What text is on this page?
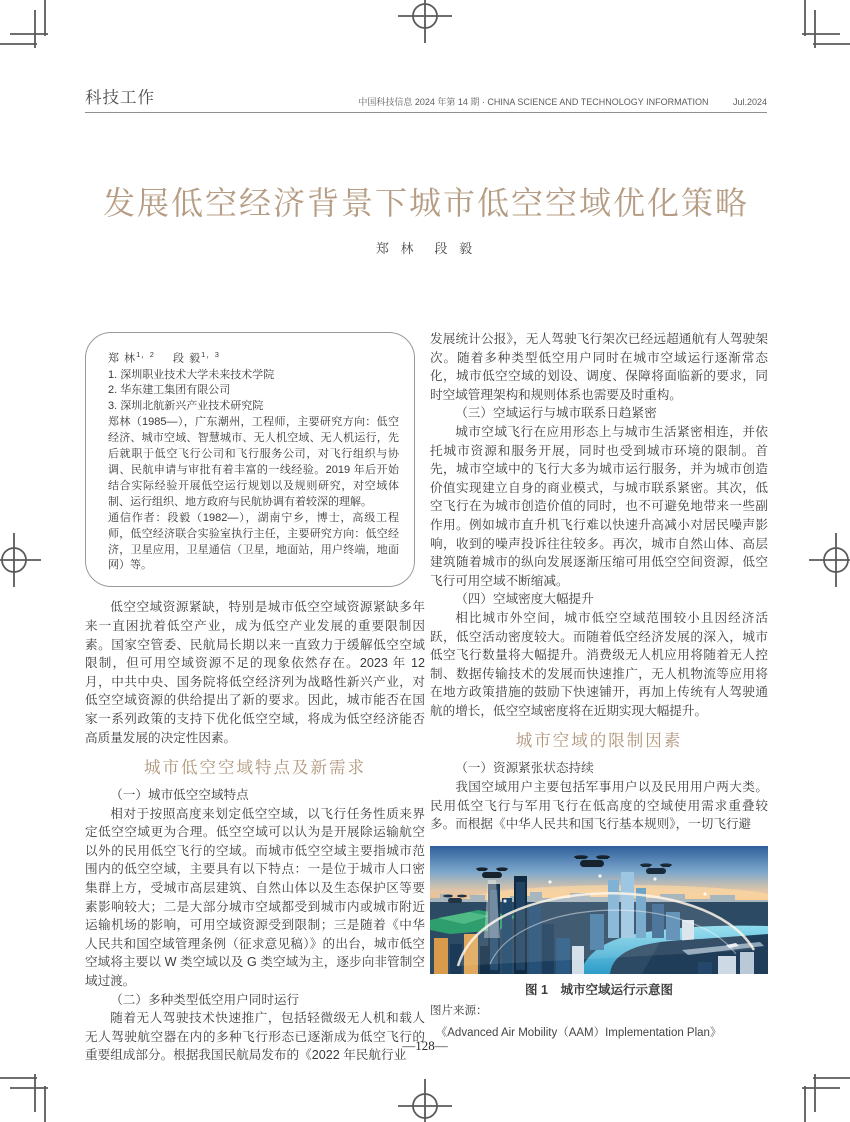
科技工作	中国科技信息 2024 年第 14 期 · CHINA SCIENCE AND TECHNOLOGY INFORMATION	Jul.2024
发展低空经济背景下城市低空空域优化策略
郑 林　段 毅
郑 林$^{1,2}$ 段 毅$^{1,3}$

1. 深圳职业技术大学未来技术学院

2. 华东建工集团有限公司

3. 深圳北航新兴产业技术研究院

郑林（1985—），广东潮州，工程师，主要研究方向：低空经济、城市空域、智慧城市、无人机空域、无人机运行，先后就职于低空飞行公司和飞行服务公司，对飞行组织与协调、民航申请与审批有着丰富的一线经验。2019 年后开始结合实际经验开展低空运行规划以及规则研究，对空域体制、运行组织、地方政府与民航协调有着较深的理解。

通信作者：段毅（1982—），湖南宁乡，博士，高级工程师，低空经济联合实验室执行主任，主要研究方向：低空经济，卫星应用，卫星通信（卫星，地面站，用户终端，地面网）等。

低空空域资源紧缺，特别是城市低空空域资源紧缺多年来一直困扰着低空产业，成为低空产业发展的重要限制因素。国家空管委、民航局长期以来一直致力于缓解低空空域限制，但可用空域资源不足的现象依然存在。2023 年 12 月，中共中央、国务院将低空经济列为战略性新兴产业，对低空空域资源的供给提出了新的要求。因此，城市能否在国家一系列政策的支持下优化低空空域，将成为低空经济能否高质量发展的决定性因素。

城市低空空域特点及新需求

（一）城市低空空域特点

相对于按照高度来划定低空空域，以飞行任务性质来界定低空空域更为合理。低空空域可以认为是开展除运输航空以外的民用低空飞行的空域。而城市低空空域主要指城市范围内的低空空域，主要具有以下特点：一是位于城市人口密集群上方，受城市高层建筑、自然山体以及生态保护区等要素影响较大；二是大部分城市空域都受到城市内或城市附近运输机场的影响，可用空域资源受到限制；三是随着《中华人民共和国空域管理条例（征求意见稿）》的出台，城市低空空域将主要以 W 类空域以及 G 类空域为主，逐步向非管制空域过渡。

（二）多种类型低空用户同时运行

随着无人驾驶技术快速推广，包括轻微级无人机和载人无人驾驶航空器在内的多种飞行形态已逐渐成为低空飞行的重要组成部分。根据我国民航局发布的《2022 年民航行业

发展统计公报》，无人驾驶飞行架次已经远超通航有人驾驶架次。随着多种类型低空用户同时在城市空域运行逐渐常态化，城市低空空域的划设、调度、保障将面临新的要求，同时空域管理架构和规则体系也需要及时重构。

（三）空域运行与城市联系日趋紧密

城市空域飞行在应用形态上与城市生活紧密相连，并依托城市资源和服务开展，同时也受到城市环境的限制。首先，城市空域中的飞行大多为城市运行服务，并为城市创造价值实现建立自身的商业模式，与城市联系紧密。其次，低空飞行在为城市创造价值的同时，也不可避免地带来一些副作用。例如城市直升机飞行难以快速升高减小对居民噪声影响，收到的噪声投诉往往较多。再次，城市自然山体、高层建筑随着城市的纵向发展逐渐压缩可用低空空间资源，低空飞行可用空域不断缩减。

（四）空域密度大幅提升

相比城市外空间，城市低空空域范围较小且因经济活跃，低空活动密度较大。而随着低空经济发展的深入，城市低空飞行数量将大幅提升。消费级无人机应用将随着无人控制、数据传输技术的发展而快速推广，无人机物流等应用将在地方政策措施的鼓励下快速铺开，再加上传统有人驾驶通航的增长，低空空域密度将在近期实现大幅提升。

城市空域的限制因素

（一）资源紧张状态持续

我国空域用户主要包括军事用户以及民用用户两大类。民用低空飞行与军用飞行在低高度的空域使用需求重叠较多。而根据《中华人民共和国飞行基本规则》，一切飞行避

图 1　城市空域运行示意图

图片来源：

《Advanced Air Mobility（AAM）Implementation Plan》

—128—
